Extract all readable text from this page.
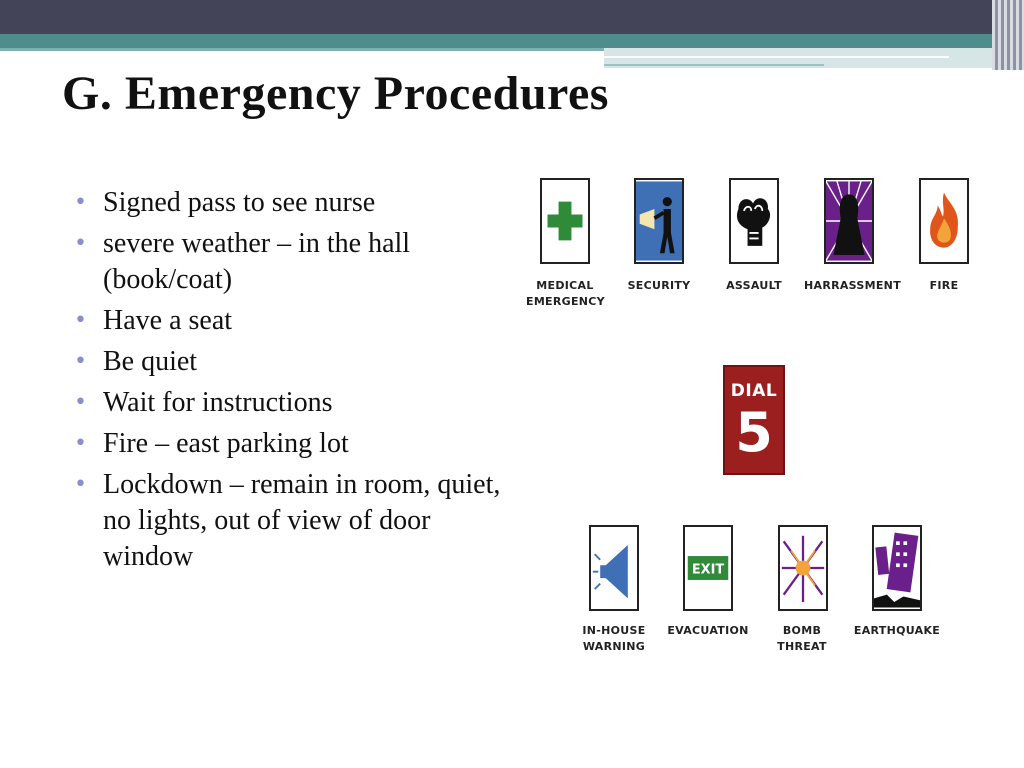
G. Emergency Procedures
• Signed pass to see nurse
• severe weather – in the hall (book/coat)
• Have a seat
• Be quiet
• Wait for instructions
• Fire – east parking lot
• Lockdown – remain in room, quiet, no lights, out of view of door window
MEDICAL
EMERGENCY
SECURITY	ASSAULT	HARRASSMENT	FIRE
DIAL
5
IN-HOUSE
WARNING
EXIT
EVACUATION	BOMB
THREAT
EARTHQUAKE
